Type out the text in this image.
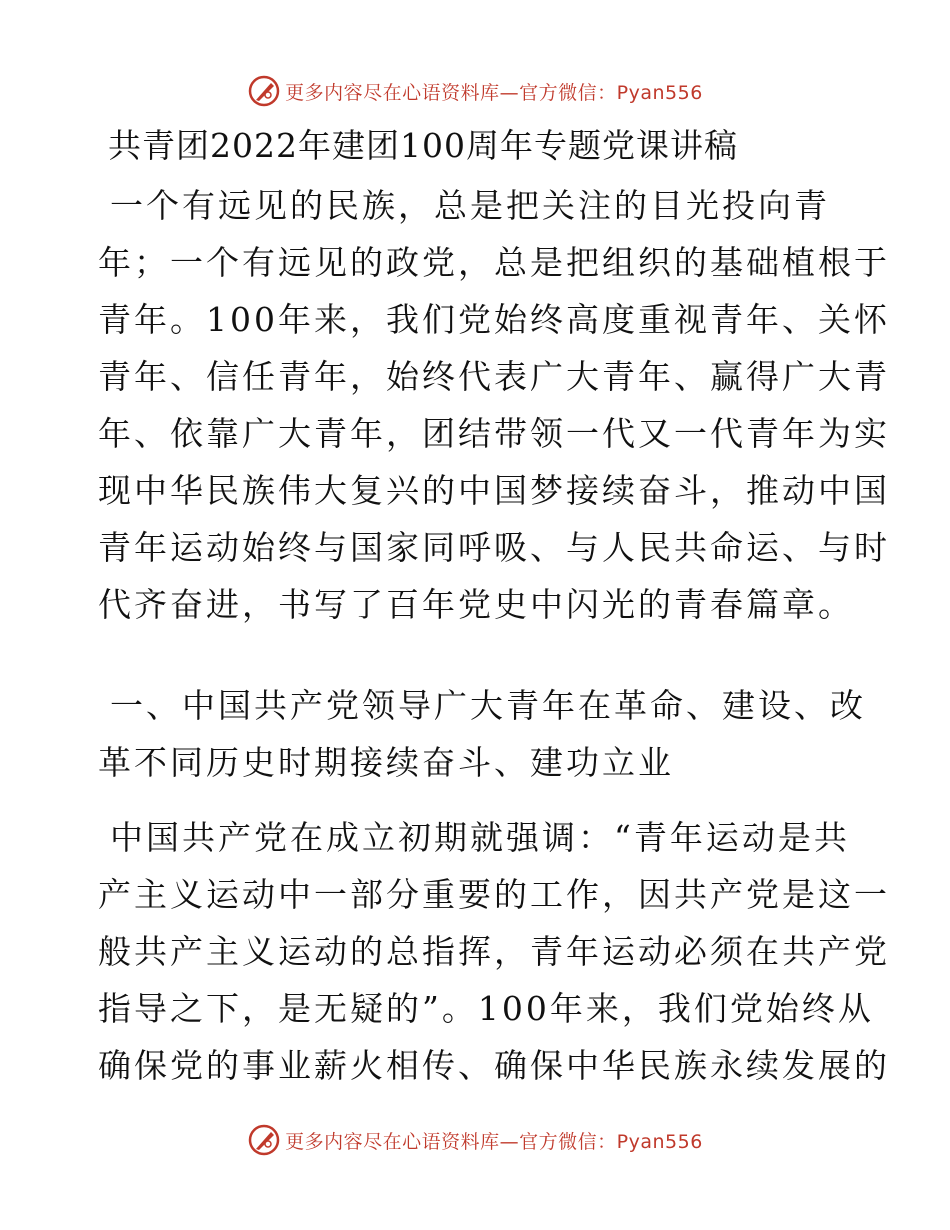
更多内容尽在心语资料库—官方微信：Pyan556
共青团2022年建团100周年专题党课讲稿
一个有远见的民族，总是把关注的目光投向青
年；一个有远见的政党，总是把组织的基础植根于
青年。100年来，我们党始终高度重视青年、关怀
青年、信任青年，始终代表广大青年、赢得广大青
年、依靠广大青年，团结带领一代又一代青年为实
现中华民族伟大复兴的中国梦接续奋斗，推动中国
青年运动始终与国家同呼吸、与人民共命运、与时
代齐奋进，书写了百年党史中闪光的青春篇章。
一、中国共产党领导广大青年在革命、建设、改
革不同历史时期接续奋斗、建功立业
中国共产党在成立初期就强调：“青年运动是共
产主义运动中一部分重要的工作，因共产党是这一
般共产主义运动的总指挥，青年运动必须在共产党
指导之下，是无疑的”。100年来，我们党始终从
确保党的事业薪火相传、确保中华民族永续发展的
更多内容尽在心语资料库—官方微信：Pyan556
